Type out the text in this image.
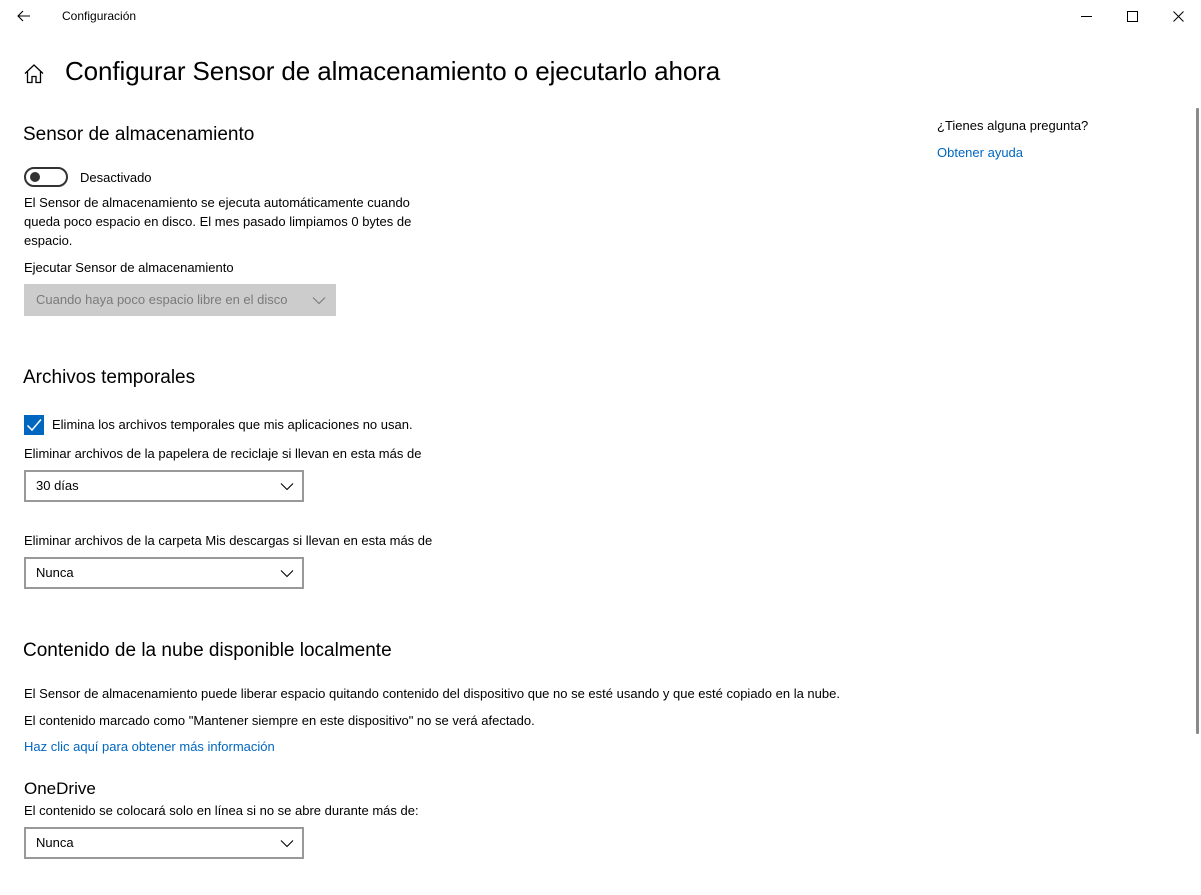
Configuración
Configurar Sensor de almacenamiento o ejecutarlo ahora
¿Tienes alguna pregunta?
Obtener ayuda
Sensor de almacenamiento
Desactivado
El Sensor de almacenamiento se ejecuta automáticamente cuando
queda poco espacio en disco. El mes pasado limpiamos 0 bytes de
espacio.
Ejecutar Sensor de almacenamiento
Cuando haya poco espacio libre en el disco
Archivos temporales
Elimina los archivos temporales que mis aplicaciones no usan.
Eliminar archivos de la papelera de reciclaje si llevan en esta más de
30 días
Eliminar archivos de la carpeta Mis descargas si llevan en esta más de
Nunca
Contenido de la nube disponible localmente
El Sensor de almacenamiento puede liberar espacio quitando contenido del dispositivo que no se esté usando y que esté copiado en la nube.
El contenido marcado como "Mantener siempre en este dispositivo" no se verá afectado.
Haz clic aquí para obtener más información
OneDrive
El contenido se colocará solo en línea si no se abre durante más de:
Nunca
